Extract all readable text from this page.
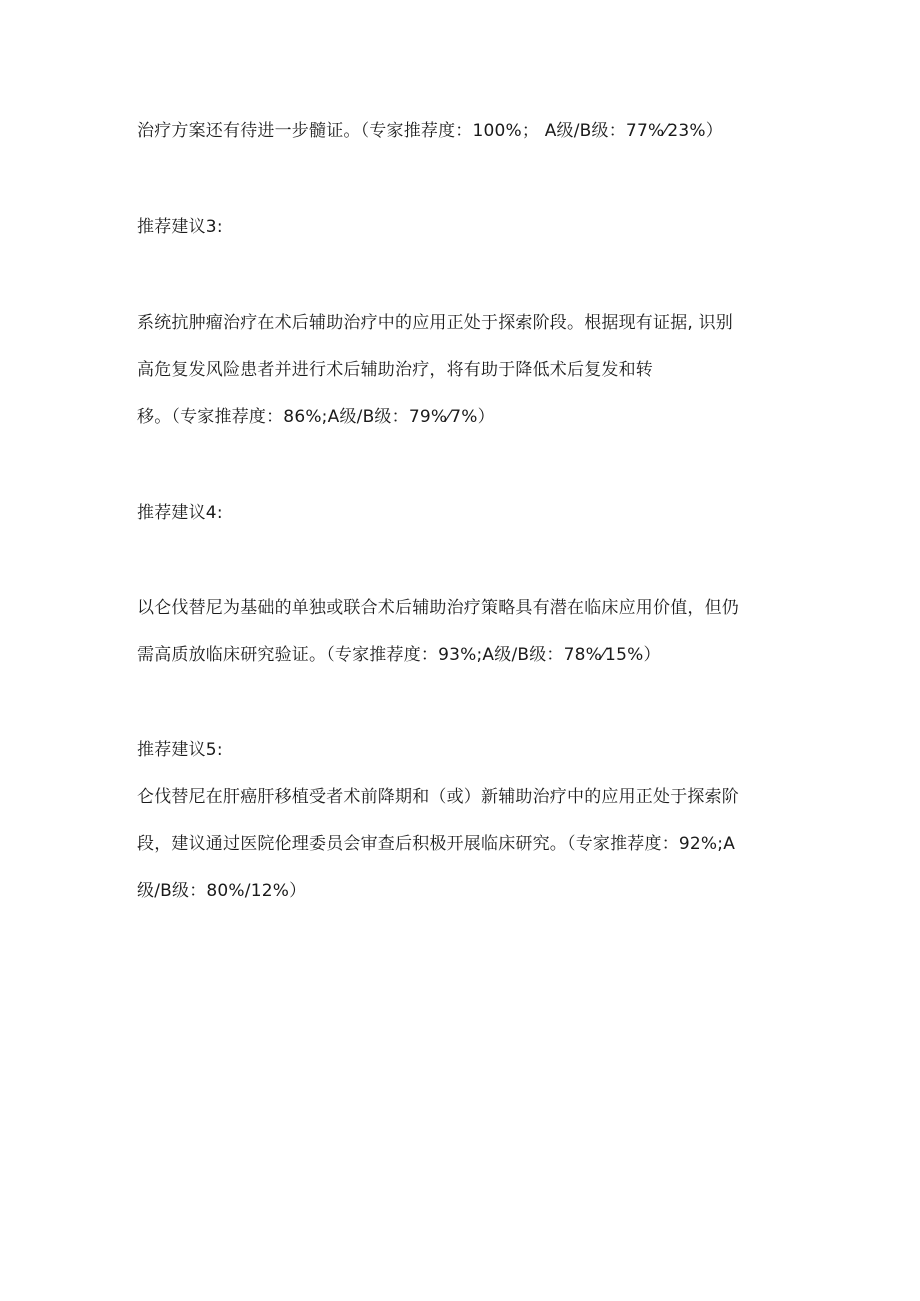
治疗方案还有待进一步髓证。（专家推荐度：100%； A级/B级：77%⁄23%）
推荐建议3:
系统抗肿瘤治疗在术后辅助治疗中的应用正处于探索阶段。根据现有证据, 识别
高危复发风险患者并进行术后辅助治疗，将有助于降低术后复发和转
移。（专家推荐度：86%;A级/B级：79%⁄7%）
推荐建议4:
以仑伐替尼为基础的单独或联合术后辅助治疗策略具有潜在临床应用价值，但仍
需高质放临床研究验证。（专家推荐度：93%;A级/B级：78%⁄15%）
推荐建议5:
仑伐替尼在肝癌肝移植受者术前降期和（或）新辅助治疗中的应用正处于探索阶
段，建议通过医院伦理委员会审查后积极开展临床研究。（专家推荐度：92%;A
级/B级：80%/12%）
